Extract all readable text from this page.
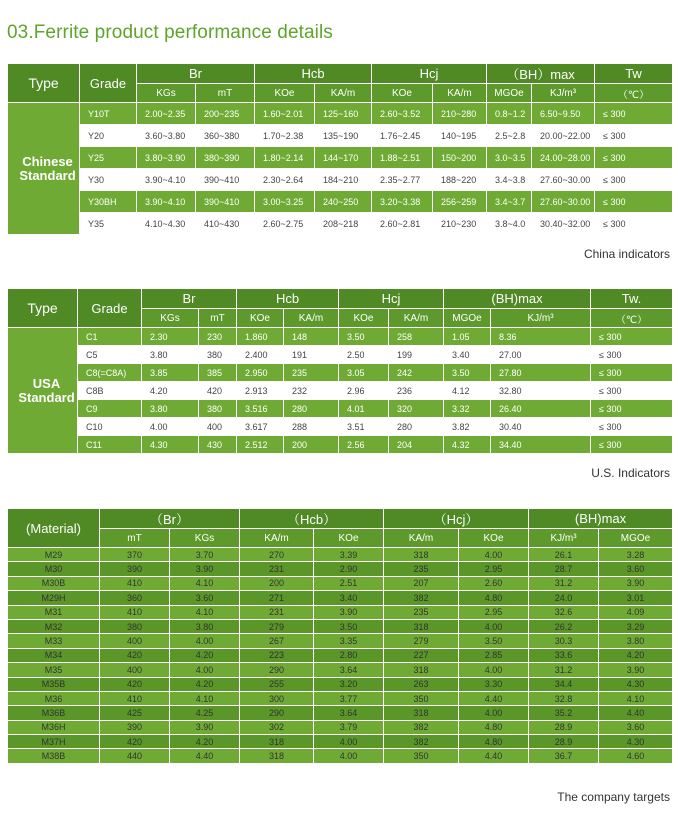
03.Ferrite product performance details
Type	Grade	Br		Hcb		Hcj		（BH）max		Tw
		KGs	mT	KOe	KA/m	KOe	KA/m	MGOe	KJ/m³	（℃）
Chinese Standard	Y10T	2.00~2.35	200~235	1.60~2.01	125~160	2.60~3.52	210~280	0.8~1.2	6.50~9.50	≤ 300
	Y20	3.60~3.80	360~380	1.70~2.38	135~190	1.76~2.45	140~195	2.5~2.8	20.00~22.00	≤ 300
	Y25	3.80~3.90	380~390	1.80~2.14	144~170	1.88~2.51	150~200	3.0~3.5	24.00~28.00	≤ 300
	Y30	3.90~4.10	390~410	2.30~2.64	184~210	2.35~2.77	188~220	3.4~3.8	27.60~30.00	≤ 300
	Y30BH	3.90~4.10	390~410	3.00~3.25	240~250	3.20~3.38	256~259	3.4~3.7	27.60~30.00	≤ 300
	Y35	4.10~4.30	410~430	2.60~2.75	208~218	2.60~2.81	210~230	3.8~4.0	30.40~32.00	≤ 300
China indicators
Type	Grade	Br		Hcb		Hcj		(BH)max		Tw.
		KGs	mT	KOe	KA/m	KOe	KA/m	MGOe	KJ/m³	（℃）
USA Standard	C1	2.30	230	1.860	148	3.50	258	1.05	8.36	≤ 300
	C5	3.80	380	2.400	191	2.50	199	3.40	27.00	≤ 300
	C8(=C8A)	3.85	385	2.950	235	3.05	242	3.50	27.80	≤ 300
	C8B	4.20	420	2.913	232	2.96	236	4.12	32.80	≤ 300
	C9	3.80	380	3.516	280	4.01	320	3.32	26.40	≤ 300
	C10	4.00	400	3.617	288	3.51	280	3.82	30.40	≤ 300
	C11	4.30	430	2.512	200	2.56	204	4.32	34.40	≤ 300
U.S. Indicators
(Material)	（Br）		（Hcb）		（Hcj）		(BH)max	
	mT	KGs	KA/m	KOe	KA/m	KOe	KJ/m³	MGOe
M29	370	3.70	270	3.39	318	4.00	26.1	3.28
M30	390	3.90	231	2.90	235	2.95	28.7	3.60
M30B	410	4.10	200	2.51	207	2.60	31.2	3.90
M29H	360	3.60	271	3.40	382	4.80	24.0	3.01
M31	410	4.10	231	3.90	235	2.95	32.6	4.09
M32	380	3.80	279	3.50	318	4.00	26.2	3.29
M33	400	4.00	267	3.35	279	3.50	30.3	3.80
M34	420	4.20	223	2.80	227	2.85	33.6	4.20
M35	400	4.00	290	3.64	318	4.00	31.2	3.90
M35B	420	4.20	255	3.20	263	3.30	34.4	4.30
M36	410	4.10	300	3.77	350	4.40	32.8	4.10
M36B	425	4.25	290	3.64	318	4.00	35.2	4.40
M36H	390	3.90	302	3.79	382	4.80	28.9	3.60
M37H	420	4.20	318	4.00	382	4.80	28.9	4.30
M38B	440	4.40	318	4.00	350	4.40	36.7	4.60
The company targets
